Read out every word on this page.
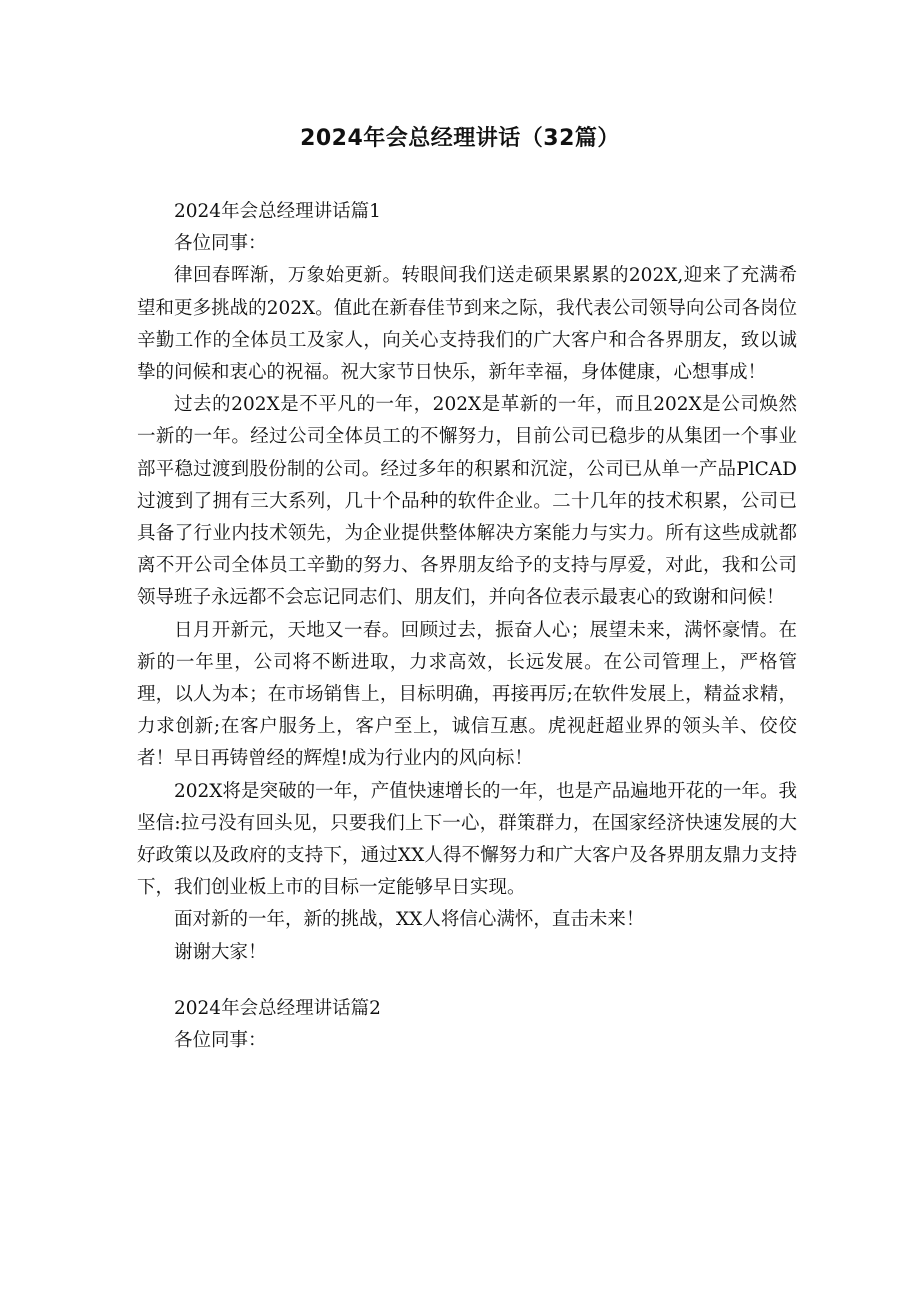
2024年会总经理讲话（32篇）

2024年会总经理讲话篇1

各位同事：

律回春晖渐，万象始更新。转眼间我们送走硕果累累的202X,迎来了充满希望和更多挑战的202X。值此在新春佳节到来之际，我代表公司领导向公司各岗位辛勤工作的全体员工及家人，向关心支持我们的广大客户和合各界朋友，致以诚挚的问候和衷心的祝福。祝大家节日快乐，新年幸福，身体健康，心想事成！

过去的202X是不平凡的一年，202X是革新的一年，而且202X是公司焕然一新的一年。经过公司全体员工的不懈努力，目前公司已稳步的从集团一个事业部平稳过渡到股份制的公司。经过多年的积累和沉淀，公司已从单一产品PlCAD过渡到了拥有三大系列，几十个品种的软件企业。二十几年的技术积累，公司已具备了行业内技术领先，为企业提供整体解决方案能力与实力。所有这些成就都离不开公司全体员工辛勤的努力、各界朋友给予的支持与厚爱，对此，我和公司领导班子永远都不会忘记同志们、朋友们，并向各位表示最衷心的致谢和问候！

日月开新元，天地又一春。回顾过去，振奋人心；展望未来，满怀豪情。在新的一年里，公司将不断进取，力求高效，长远发展。在公司管理上，严格管理，以人为本；在市场销售上，目标明确，再接再厉;在软件发展上，精益求精，力求创新;在客户服务上，客户至上，诚信互惠。虎视赶超业界的领头羊、佼佼者！早日再铸曾经的辉煌!成为行业内的风向标！

202X将是突破的一年，产值快速增长的一年，也是产品遍地开花的一年。我坚信:拉弓没有回头见，只要我们上下一心，群策群力，在国家经济快速发展的大好政策以及政府的支持下，通过XX人得不懈努力和广大客户及各界朋友鼎力支持下，我们创业板上市的目标一定能够早日实现。

面对新的一年，新的挑战，XX人将信心满怀，直击未来！

谢谢大家！

2024年会总经理讲话篇2

各位同事：
